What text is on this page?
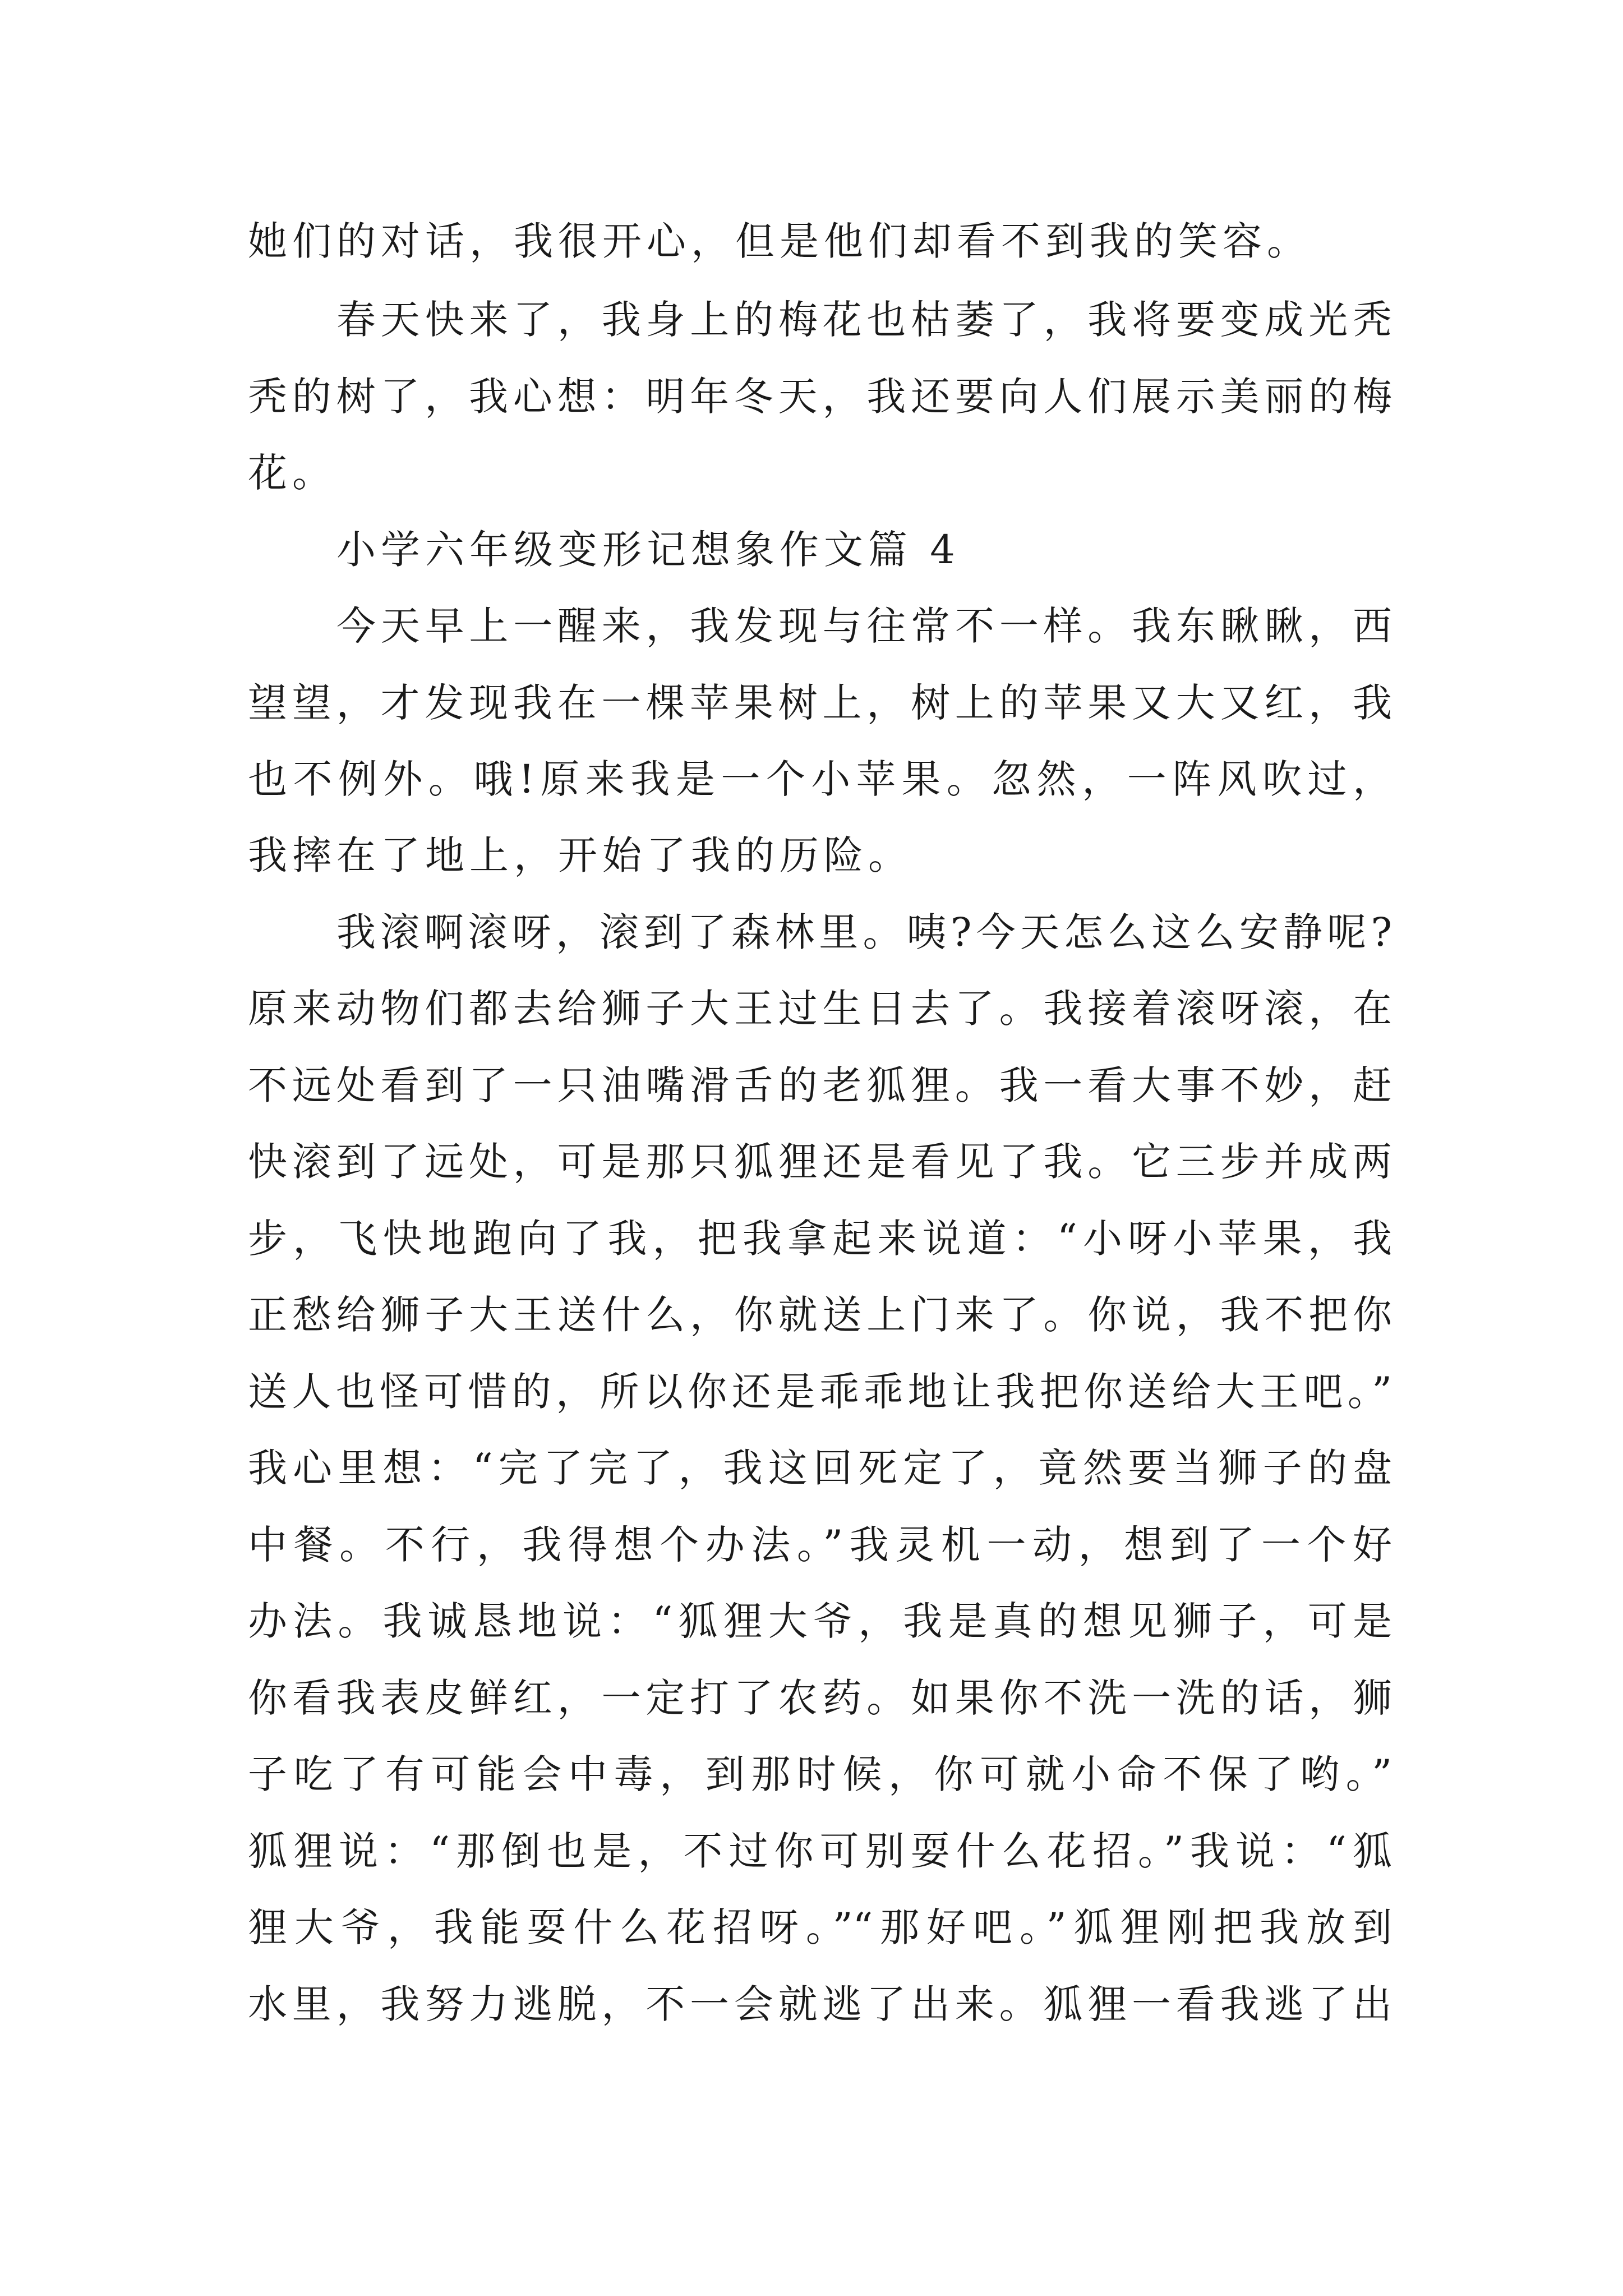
她们的对话，我很开心，但是他们却看不到我的笑容。
春天快来了，我身上的梅花也枯萎了，我将要变成光秃
秃的树了，我心想：明年冬天，我还要向人们展示美丽的梅
花。
小学六年级变形记想象作文篇 4
今天早上一醒来，我发现与往常不一样。我东瞅瞅，西
望望，才发现我在一棵苹果树上，树上的苹果又大又红，我
也不例外。哦!原来我是一个小苹果。忽然，一阵风吹过，
我摔在了地上，开始了我的历险。
我滚啊滚呀，滚到了森林里。咦?今天怎么这么安静呢?
原来动物们都去给狮子大王过生日去了。我接着滚呀滚，在
不远处看到了一只油嘴滑舌的老狐狸。我一看大事不妙，赶
快滚到了远处，可是那只狐狸还是看见了我。它三步并成两
步，飞快地跑向了我，把我拿起来说道：“小呀小苹果，我
正愁给狮子大王送什么，你就送上门来了。你说，我不把你
送人也怪可惜的，所以你还是乖乖地让我把你送给大王吧。”
我心里想：“完了完了，我这回死定了，竟然要当狮子的盘
中餐。不行，我得想个办法。”我灵机一动，想到了一个好
办法。我诚恳地说：“狐狸大爷，我是真的想见狮子，可是
你看我表皮鲜红，一定打了农药。如果你不洗一洗的话，狮
子吃了有可能会中毒，到那时候，你可就小命不保了哟。”
狐狸说：“那倒也是，不过你可别耍什么花招。”我说：“狐
狸大爷，我能耍什么花招呀。”“那好吧。”狐狸刚把我放到
水里，我努力逃脱，不一会就逃了出来。狐狸一看我逃了出
